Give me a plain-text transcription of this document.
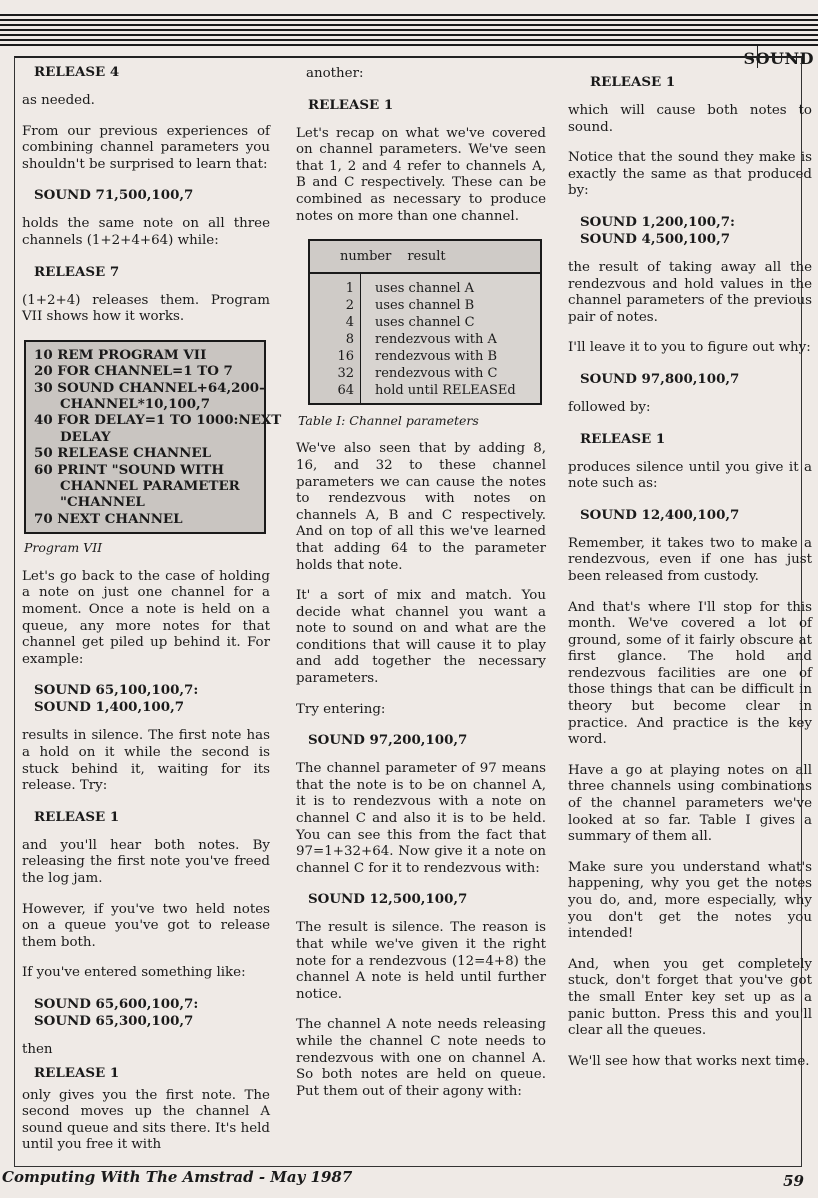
SOUND
RELEASE 4

as needed.

From our previous experiences of combining channel parameters you shouldn't be surprised to learn that:

SOUND 71,500,100,7

holds the same note on all three channels (1+2+4+64) while:

RELEASE 7

(1+2+4) releases them. Program VII shows how it works.

10 REM PROGRAM VII
20 FOR CHANNEL=1 TO 7
30 SOUND CHANNEL+64,200-
CHANNEL*10,100,7
40 FOR DELAY=1 TO 1000:NEXT
DELAY
50 RELEASE CHANNEL
60 PRINT "SOUND WITH
CHANNEL PARAMETER
"CHANNEL
70 NEXT CHANNEL
Program VII

Let's go back to the case of holding a note on just one channel for a moment. Once a note is held on a queue, any more notes for that channel get piled up behind it. For example:

SOUND 65,100,100,7:
SOUND 1,400,100,7

results in silence. The first note has a hold on it while the second is stuck behind it, waiting for its release. Try:

RELEASE 1

and you'll hear both notes. By releasing the first note you've freed the log jam.

However, if you've two held notes on a queue you've got to release them both.

If you've entered something like:

SOUND 65,600,100,7:
SOUND 65,300,100,7

then

RELEASE 1

only gives you the first note. The second moves up the channel A sound queue and sits there. It's held until you free it with

another:

RELEASE 1

Let's recap on what we've covered on channel parameters. We've seen that 1, 2 and 4 refer to channels A, B and C respectively. These can be combined as necessary to produce notes on more than one channel.

number result
1
2
4
8
16
32
64
uses channel A
uses channel B
uses channel C
rendezvous with A
rendezvous with B
rendezvous with C
hold until RELEASEd
Table I: Channel parameters

We've also seen that by adding 8, 16, and 32 to these channel parameters we can cause the notes to rendezvous with notes on channels A, B and C respectively. And on top of all this we've learned that adding 64 to the parameter holds that note.

It' a sort of mix and match. You decide what channel you want a note to sound on and what are the conditions that will cause it to play and add together the necessary parameters.

Try entering:

SOUND 97,200,100,7

The channel parameter of 97 means that the note is to be on channel A, it is to rendezvous with a note on channel C and also it is to be held. You can see this from the fact that 97=1+32+64. Now give it a note on channel C for it to rendezvous with:

SOUND 12,500,100,7

The result is silence. The reason is that while we've given it the right note for a rendezvous (12=4+8) the channel A note is held until further notice.

The channel A note needs releasing while the channel C note needs to rendezvous with one on channel A. So both notes are held on queue. Put them out of their agony with:

RELEASE 1

which will cause both notes to sound.

Notice that the sound they make is exactly the same as that produced by:

SOUND 1,200,100,7:
SOUND 4,500,100,7

the result of taking away all the rendezvous and hold values in the channel parameters of the previous pair of notes.

I'll leave it to you to figure out why:

SOUND 97,800,100,7

followed by:

RELEASE 1

produces silence until you give it a note such as:

SOUND 12,400,100,7

Remember, it takes two to make a rendezvous, even if one has just been released from custody.

And that's where I'll stop for this month. We've covered a lot of ground, some of it fairly obscure at first glance. The hold and rendezvous facilities are one of those things that can be difficult in theory but become clear in practice. And practice is the key word.

Have a go at playing notes on all three channels using combinations of the channel parameters we've looked at so far. Table I gives a summary of them all.

Make sure you understand what's happening, why you get the notes you do, and, more especially, why you don't get the notes you intended!

And, when you get completely stuck, don't forget that you've got the small Enter key set up as a panic button. Press this and you'll clear all the queues.

We'll see how that works next time.

Computing With The Amstrad - May 1987	59
